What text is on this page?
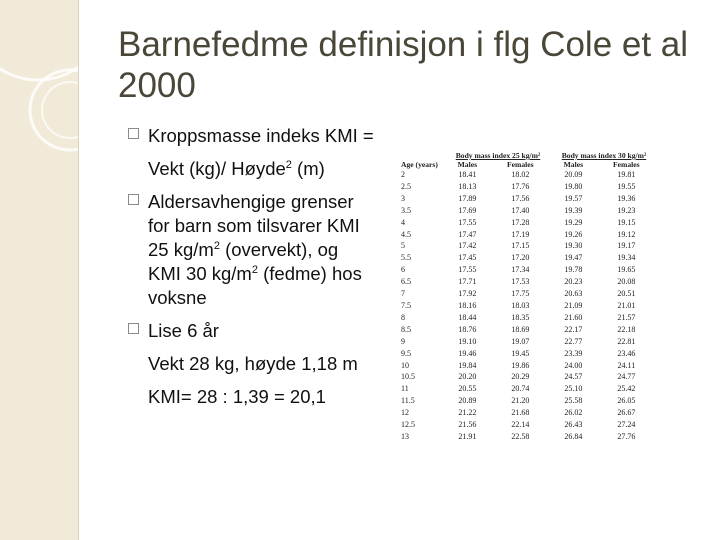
Barnefedme definisjon i flg Cole et al 2000
Kroppsmasse indeks KMI =
Vekt (kg)/ Høyde$^2$ (m)
Aldersavhengige grenser
for barn som tilsvarer KMI
25 $kg/m^2$ (overvekt), og
KMI 30 $kg/m^2$ (fedme) hos
voksne
Lise 6 år
Vekt 28 kg, høyde 1,18 m
KMI= 28 : 1,39 = 20,1
	Body mass index 25 kg/m²		Body mass index 30 kg/m²	
Age (years)	Males	Females	Males	Females
2	18.41	18.02	20.09	19.81
2.5	18.13	17.76	19.80	19.55
3	17.89	17.56	19.57	19.36
3.5	17.69	17.40	19.39	19.23
4	17.55	17.28	19.29	19.15
4.5	17.47	17.19	19.26	19.12
5	17.42	17.15	19.30	19.17
5.5	17.45	17.20	19.47	19.34
6	17.55	17.34	19.78	19.65
6.5	17.71	17.53	20.23	20.08
7	17.92	17.75	20.63	20.51
7.5	18.16	18.03	21.09	21.01
8	18.44	18.35	21.60	21.57
8.5	18.76	18.69	22.17	22.18
9	19.10	19.07	22.77	22.81
9.5	19.46	19.45	23.39	23.46
10	19.84	19.86	24.00	24.11
10.5	20.20	20.29	24.57	24.77
11	20.55	20.74	25.10	25.42
11.5	20.89	21.20	25.58	26.05
12	21.22	21.68	26.02	26.67
12.5	21.56	22.14	26.43	27.24
13	21.91	22.58	26.84	27.76
